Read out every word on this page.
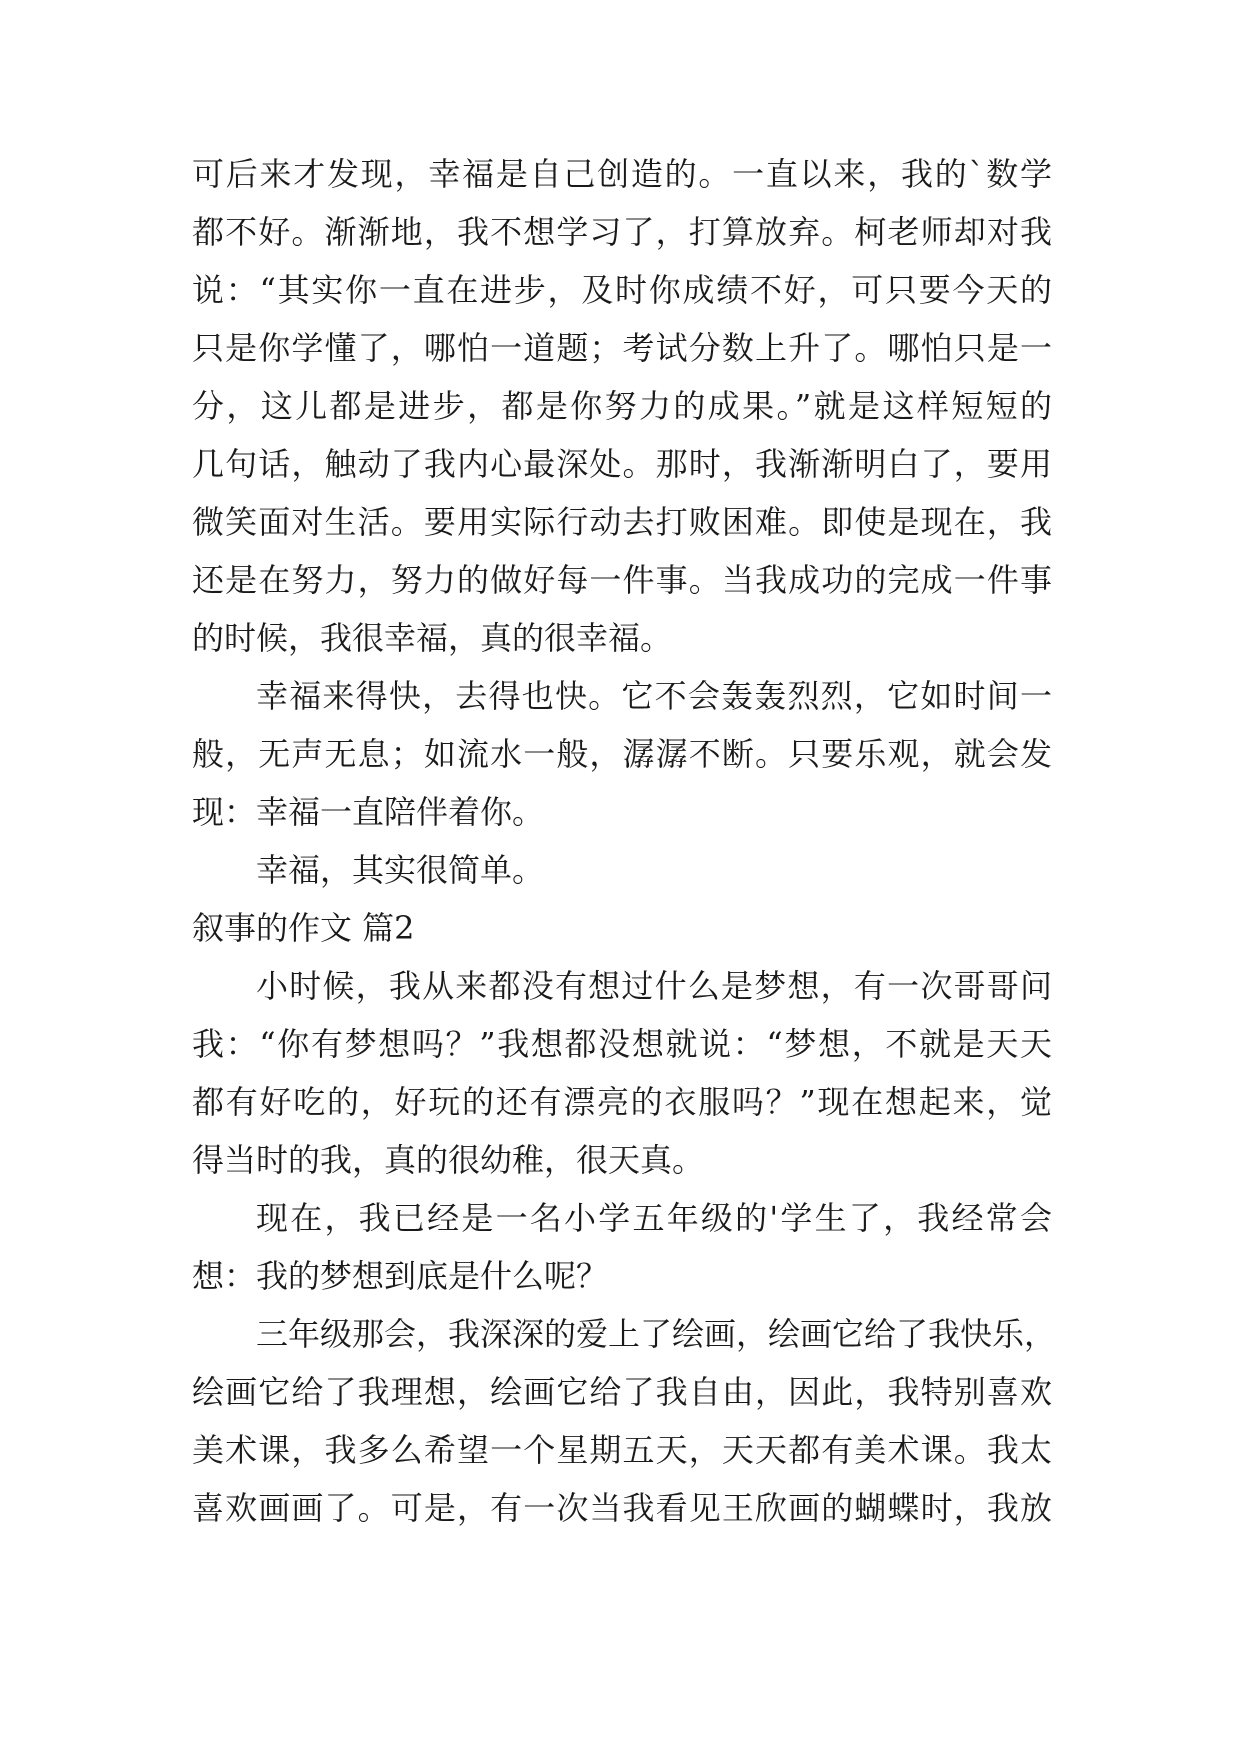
可后来才发现，幸福是自己创造的。一直以来，我的`数学
都不好。渐渐地，我不想学习了，打算放弃。柯老师却对我
说：“其实你一直在进步，及时你成绩不好，可只要今天的
只是你学懂了，哪怕一道题；考试分数上升了。哪怕只是一
分，这儿都是进步，都是你努力的成果。”就是这样短短的
几句话，触动了我内心最深处。那时，我渐渐明白了，要用
微笑面对生活。要用实际行动去打败困难。即使是现在，我
还是在努力，努力的做好每一件事。当我成功的完成一件事
的时候，我很幸福，真的很幸福。
幸福来得快，去得也快。它不会轰轰烈烈，它如时间一
般，无声无息；如流水一般，潺潺不断。只要乐观，就会发
现：幸福一直陪伴着你。
幸福，其实很简单。
叙事的作文 篇2
小时候，我从来都没有想过什么是梦想，有一次哥哥问
我：“你有梦想吗？”我想都没想就说：“梦想，不就是天天
都有好吃的，好玩的还有漂亮的衣服吗？”现在想起来，觉
得当时的我，真的很幼稚，很天真。
现在，我已经是一名小学五年级的'学生了，我经常会
想：我的梦想到底是什么呢？
三年级那会，我深深的爱上了绘画，绘画它给了我快乐，
绘画它给了我理想，绘画它给了我自由，因此，我特别喜欢
美术课，我多么希望一个星期五天，天天都有美术课。我太
喜欢画画了。可是，有一次当我看见王欣画的蝴蝶时，我放
